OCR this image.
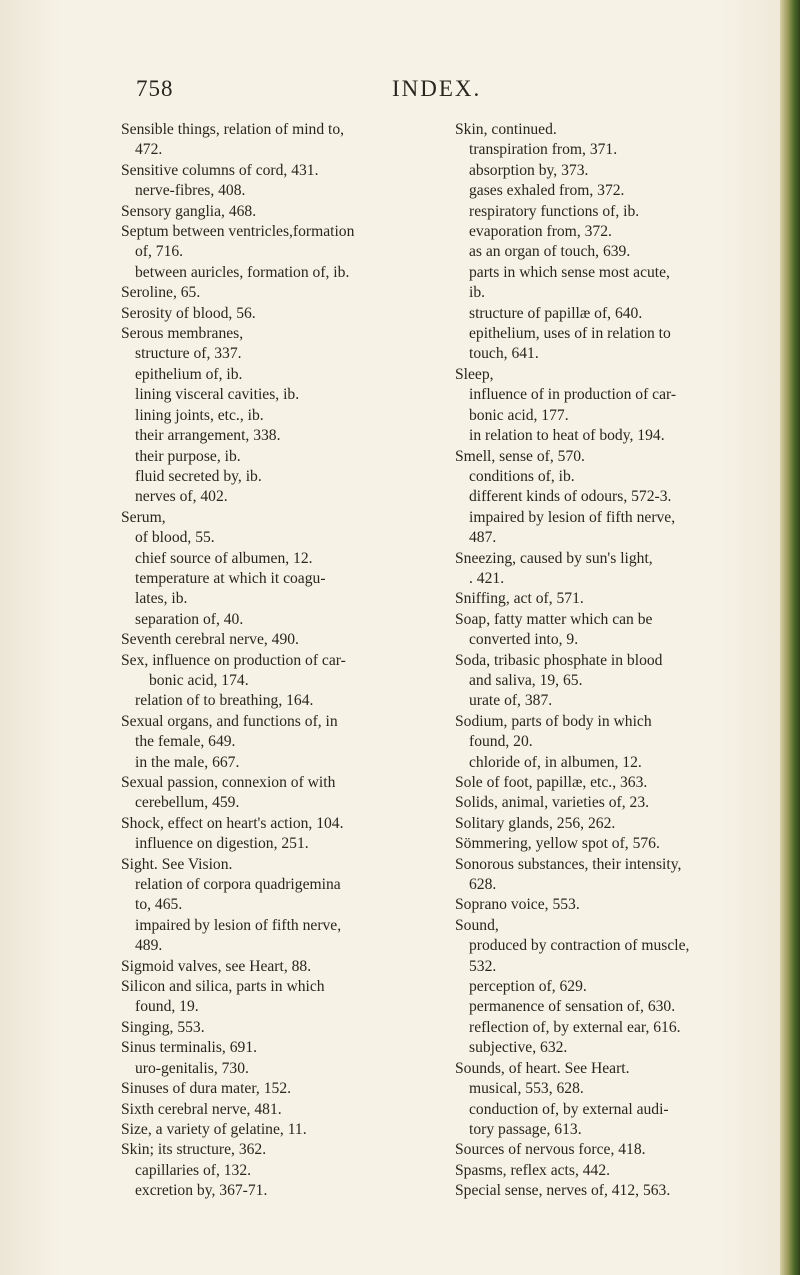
758	INDEX.
Sensible things, relation of mind to,
472.
Sensitive columns of cord, 431.
nerve-fibres, 408.
Sensory ganglia, 468.
Septum between ventricles,formation
of, 716.
between auricles, formation of, ib.
Seroline, 65.
Serosity of blood, 56.
Serous membranes,
structure of, 337.
epithelium of, ib.
lining visceral cavities, ib.
lining joints, etc., ib.
their arrangement, 338.
their purpose, ib.
fluid secreted by, ib.
nerves of, 402.
Serum,
of blood, 55.
chief source of albumen, 12.
temperature at which it coagu-
lates, ib.
separation of, 40.
Seventh cerebral nerve, 490.
Sex, influence on production of car-
bonic acid, 174.
relation of to breathing, 164.
Sexual organs, and functions of, in
the female, 649.
in the male, 667.
Sexual passion, connexion of with
cerebellum, 459.
Shock, effect on heart's action, 104.
influence on digestion, 251.
Sight. See Vision.
relation of corpora quadrigemina
to, 465.
impaired by lesion of fifth nerve,
489.
Sigmoid valves, see Heart, 88.
Silicon and silica, parts in which
found, 19.
Singing, 553.
Sinus terminalis, 691.
uro-genitalis, 730.
Sinuses of dura mater, 152.
Sixth cerebral nerve, 481.
Size, a variety of gelatine, 11.
Skin; its structure, 362.
capillaries of, 132.
excretion by, 367-71.
Skin, continued.
transpiration from, 371.
absorption by, 373.
gases exhaled from, 372.
respiratory functions of, ib.
evaporation from, 372.
as an organ of touch, 639.
parts in which sense most acute,
ib.
structure of papillæ of, 640.
epithelium, uses of in relation to
touch, 641.
Sleep,
influence of in production of car-
bonic acid, 177.
in relation to heat of body, 194.
Smell, sense of, 570.
conditions of, ib.
different kinds of odours, 572-3.
impaired by lesion of fifth nerve,
487.
Sneezing, caused by sun's light,
. 421.
Sniffing, act of, 571.
Soap, fatty matter which can be
converted into, 9.
Soda, tribasic phosphate in blood
and saliva, 19, 65.
urate of, 387.
Sodium, parts of body in which
found, 20.
chloride of, in albumen, 12.
Sole of foot, papillæ, etc., 363.
Solids, animal, varieties of, 23.
Solitary glands, 256, 262.
Sömmering, yellow spot of, 576.
Sonorous substances, their intensity,
628.
Soprano voice, 553.
Sound,
produced by contraction of muscle,
532.
perception of, 629.
permanence of sensation of, 630.
reflection of, by external ear, 616.
subjective, 632.
Sounds, of heart. See Heart.
musical, 553, 628.
conduction of, by external audi-
tory passage, 613.
Sources of nervous force, 418.
Spasms, reflex acts, 442.
Special sense, nerves of, 412, 563.
